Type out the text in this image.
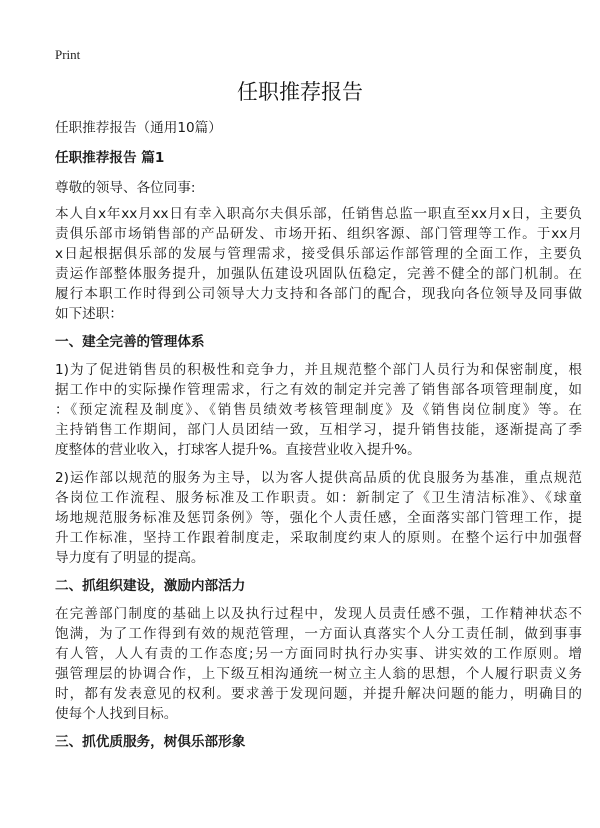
Print
任职推荐报告
任职推荐报告（通用10篇）
任职推荐报告 篇1
尊敬的领导、各位同事:
本人自x年xx月xx日有幸入职高尔夫俱乐部，任销售总监一职直至xx月x日，主要负
责俱乐部市场销售部的产品研发、市场开拓、组织客源、部门管理等工作。于xx月
x日起根据俱乐部的发展与管理需求，接受俱乐部运作部管理的全面工作，主要负
责运作部整体服务提升，加强队伍建设巩固队伍稳定，完善不健全的部门机制。在
履行本职工作时得到公司领导大力支持和各部门的配合，现我向各位领导及同事做
如下述职：
一、建全完善的管理体系
1)为了促进销售员的积极性和竞争力，并且规范整个部门人员行为和保密制度，根
据工作中的实际操作管理需求，行之有效的制定并完善了销售部各项管理制度，如
：《预定流程及制度》、《销售员绩效考核管理制度》及《销售岗位制度》等。在
主持销售工作期间，部门人员团结一致，互相学习，提升销售技能，逐渐提高了季
度整体的营业收入，打球客人提升%。直接营业收入提升%。
2)运作部以规范的服务为主导，以为客人提供高品质的优良服务为基准，重点规范
各岗位工作流程、服务标准及工作职责。如：新制定了《卫生清洁标准》、《球童
场地规范服务标准及惩罚条例》等，强化个人责任感，全面落实部门管理工作，提
升工作标准，坚持工作跟着制度走，采取制度约束人的原则。在整个运行中加强督
导力度有了明显的提高。
二、抓组织建设，激励内部活力
在完善部门制度的基础上以及执行过程中，发现人员责任感不强，工作精神状态不
饱满，为了工作得到有效的规范管理，一方面认真落实个人分工责任制，做到事事
有人管，人人有责的工作态度;另一方面同时执行办实事、讲实效的工作原则。增
强管理层的协调合作，上下级互相沟通统一树立主人翁的思想，个人履行职责义务
时，都有发表意见的权利。要求善于发现问题，并提升解决问题的能力，明确目的
使每个人找到目标。
三、抓优质服务，树俱乐部形象
